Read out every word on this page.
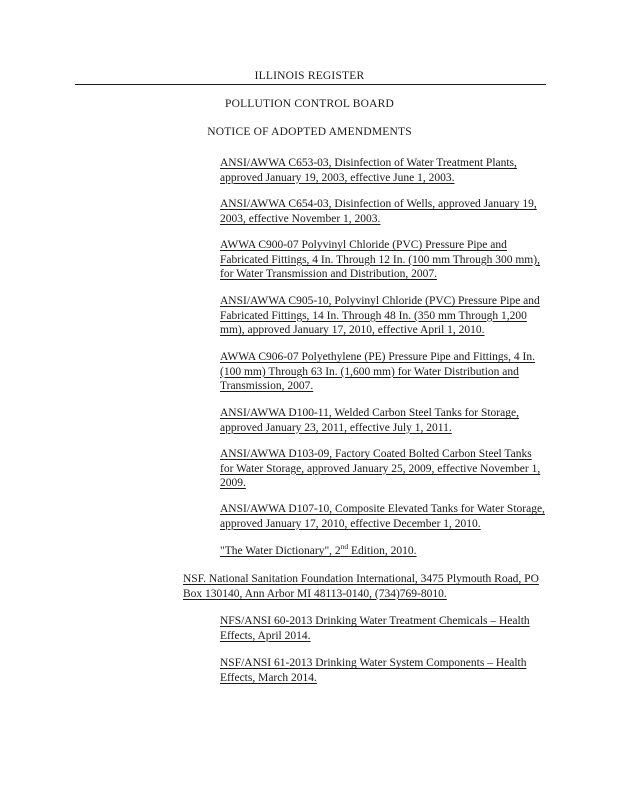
ILLINOIS REGISTER
POLLUTION CONTROL BOARD
NOTICE OF ADOPTED AMENDMENTS

ANSI/AWWA C653-03, Disinfection of Water Treatment Plants, approved January 19, 2003, effective June 1, 2003.

ANSI/AWWA C654-03, Disinfection of Wells, approved January 19, 2003, effective November 1, 2003.

AWWA C900-07 Polyvinyl Chloride (PVC) Pressure Pipe and Fabricated Fittings, 4 In. Through 12 In. (100 mm Through 300 mm), for Water Transmission and Distribution, 2007.

ANSI/AWWA C905-10, Polyvinyl Chloride (PVC) Pressure Pipe and Fabricated Fittings, 14 In. Through 48 In. (350 mm Through 1,200 mm), approved January 17, 2010, effective April 1, 2010.

AWWA C906-07 Polyethylene (PE) Pressure Pipe and Fittings, 4 In. (100 mm) Through 63 In. (1,600 mm) for Water Distribution and Transmission, 2007.

ANSI/AWWA D100-11, Welded Carbon Steel Tanks for Storage, approved January 23, 2011, effective July 1, 2011.

ANSI/AWWA D103-09, Factory Coated Bolted Carbon Steel Tanks for Water Storage, approved January 25, 2009, effective November 1, 2009.

ANSI/AWWA D107-10, Composite Elevated Tanks for Water Storage, approved January 17, 2010, effective December 1, 2010.

"The Water Dictionary", 2nd Edition, 2010.

NSF. National Sanitation Foundation International, 3475 Plymouth Road, PO Box 130140, Ann Arbor MI 48113-0140, (734)769-8010.

NFS/ANSI 60-2013 Drinking Water Treatment Chemicals – Health Effects, April 2014.

NSF/ANSI 61-2013 Drinking Water System Components – Health Effects, March 2014.
